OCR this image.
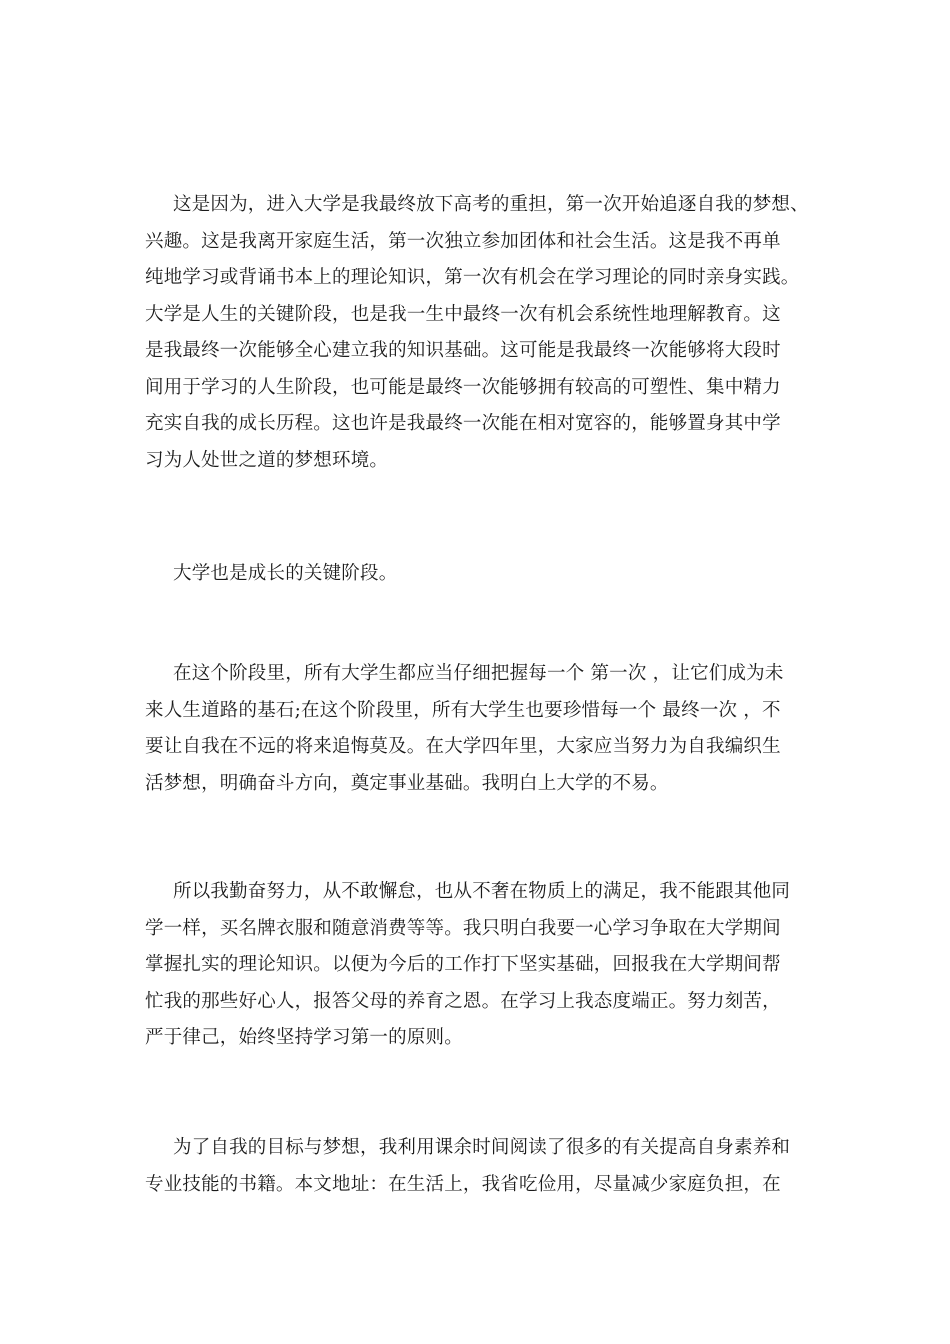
这是因为，进入大学是我最终放下高考的重担，第一次开始追逐自我的梦想、
兴趣。这是我离开家庭生活，第一次独立参加团体和社会生活。这是我不再单
纯地学习或背诵书本上的理论知识，第一次有机会在学习理论的同时亲身实践。
大学是人生的关键阶段，也是我一生中最终一次有机会系统性地理解教育。这
是我最终一次能够全心建立我的知识基础。这可能是我最终一次能够将大段时
间用于学习的人生阶段，也可能是最终一次能够拥有较高的可塑性、集中精力
充实自我的成长历程。这也许是我最终一次能在相对宽容的，能够置身其中学
习为人处世之道的梦想环境。

大学也是成长的关键阶段。

在这个阶段里，所有大学生都应当仔细把握每一个 第一次 ，让它们成为未
来人生道路的基石;在这个阶段里，所有大学生也要珍惜每一个 最终一次 ，不
要让自我在不远的将来追悔莫及。在大学四年里，大家应当努力为自我编织生
活梦想，明确奋斗方向，奠定事业基础。我明白上大学的不易。

所以我勤奋努力，从不敢懈怠，也从不奢在物质上的满足，我不能跟其他同
学一样，买名牌衣服和随意消费等等。我只明白我要一心学习争取在大学期间
掌握扎实的理论知识。以便为今后的工作打下坚实基础，回报我在大学期间帮
忙我的那些好心人，报答父母的养育之恩。在学习上我态度端正。努力刻苦，
严于律己，始终坚持学习第一的原则。

为了自我的目标与梦想，我利用课余时间阅读了很多的有关提高自身素养和
专业技能的书籍。本文地址：在生活上，我省吃俭用，尽量减少家庭负担，在
